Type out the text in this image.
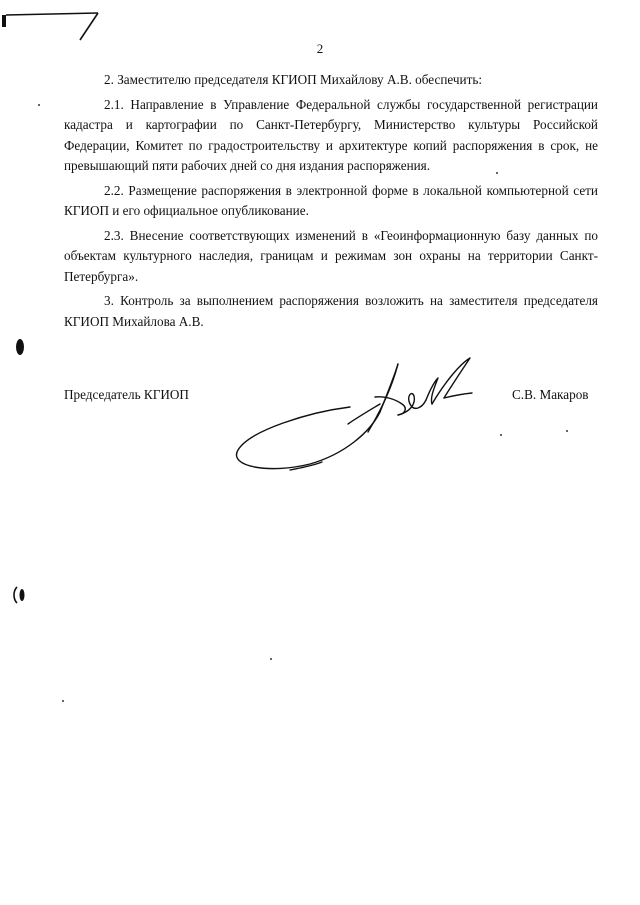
2

2. Заместителю председателя КГИОП Михайлову А.В. обеспечить:

2.1. Направление в Управление Федеральной службы государственной регистрации кадастра и картографии по Санкт-Петербургу, Министерство культуры Российской Федерации, Комитет по градостроительству и архитектуре копий распоряжения в срок, не превышающий пяти рабочих дней со дня издания распоряжения.

2.2. Размещение распоряжения в электронной форме в локальной компьютерной сети КГИОП и его официальное опубликование.

2.3. Внесение соответствующих изменений в «Геоинформационную базу данных по объектам культурного наследия, границам и режимам зон охраны на территории Санкт-Петербурга».

3. Контроль за выполнением распоряжения возложить на заместителя председателя КГИОП Михайлова А.В.

Председатель КГИОП	С.В. Макаров
